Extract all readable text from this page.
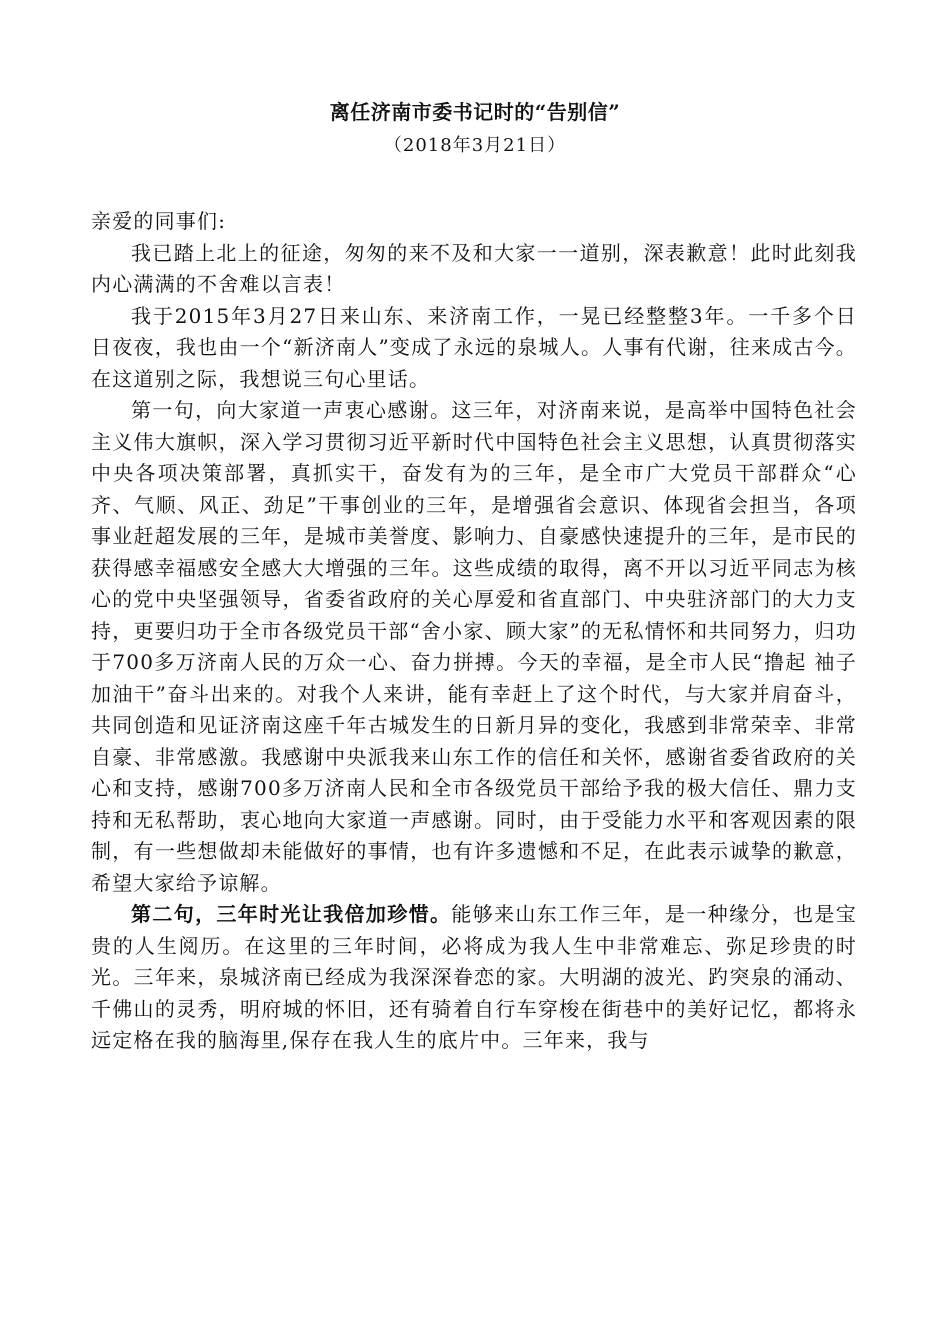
离任济南市委书记时的“告别信”
（2018年3月21日）

亲爱的同事们:

我已踏上北上的征途，匆匆的来不及和大家一一道别，深表歉意！此时此刻我内心满满的不舍难以言表！

我于2015年3月27日来山东、来济南工作，一晃已经整整3年。一千多个日日夜夜，我也由一个“新济南人”变成了永远的泉城人。人事有代谢，往来成古今。在这道别之际，我想说三句心里话。

第一句，向大家道一声衷心感谢。这三年，对济南来说，是高举中国特色社会主义伟大旗帜，深入学习贯彻习近平新时代中国特色社会主义思想，认真贯彻落实中央各项决策部署，真抓实干，奋发有为的三年，是全市广大党员干部群众“心齐、气顺、风正、劲足”干事创业的三年，是增强省会意识、体现省会担当，各项事业赶超发展的三年，是城市美誉度、影响力、自豪感快速提升的三年，是市民的获得感幸福感安全感大大增强的三年。这些成绩的取得，离不开以习近平同志为核心的党中央坚强领导，省委省政府的关心厚爱和省直部门、中央驻济部门的大力支持，更要归功于全市各级党员干部“舍小家、顾大家”的无私情怀和共同努力，归功于700多万济南人民的万众一心、奋力拼搏。今天的幸福，是全市人民“撸起 袖子加油干”奋斗出来的。对我个人来讲，能有幸赶上了这个时代，与大家并肩奋斗，共同创造和见证济南这座千年古城发生的日新月异的变化，我感到非常荣幸、非常自豪、非常感激。我感谢中央派我来山东工作的信任和关怀，感谢省委省政府的关心和支持，感谢700多万济南人民和全市各级党员干部给予我的极大信任、鼎力支持和无私帮助，衷心地向大家道一声感谢。同时，由于受能力水平和客观因素的限制，有一些想做却未能做好的事情，也有许多遗憾和不足，在此表示诚挚的歉意，希望大家给予谅解。

第二句，三年时光让我倍加珍惜。能够来山东工作三年，是一种缘分，也是宝贵的人生阅历。在这里的三年时间，必将成为我人生中非常难忘、弥足珍贵的时光。三年来，泉城济南已经成为我深深眷恋的家。大明湖的波光、趵突泉的涌动、千佛山的灵秀，明府城的怀旧，还有骑着自行车穿梭在街巷中的美好记忆，都将永远定格在我的脑海里,保存在我人生的底片中。三年来，我与
